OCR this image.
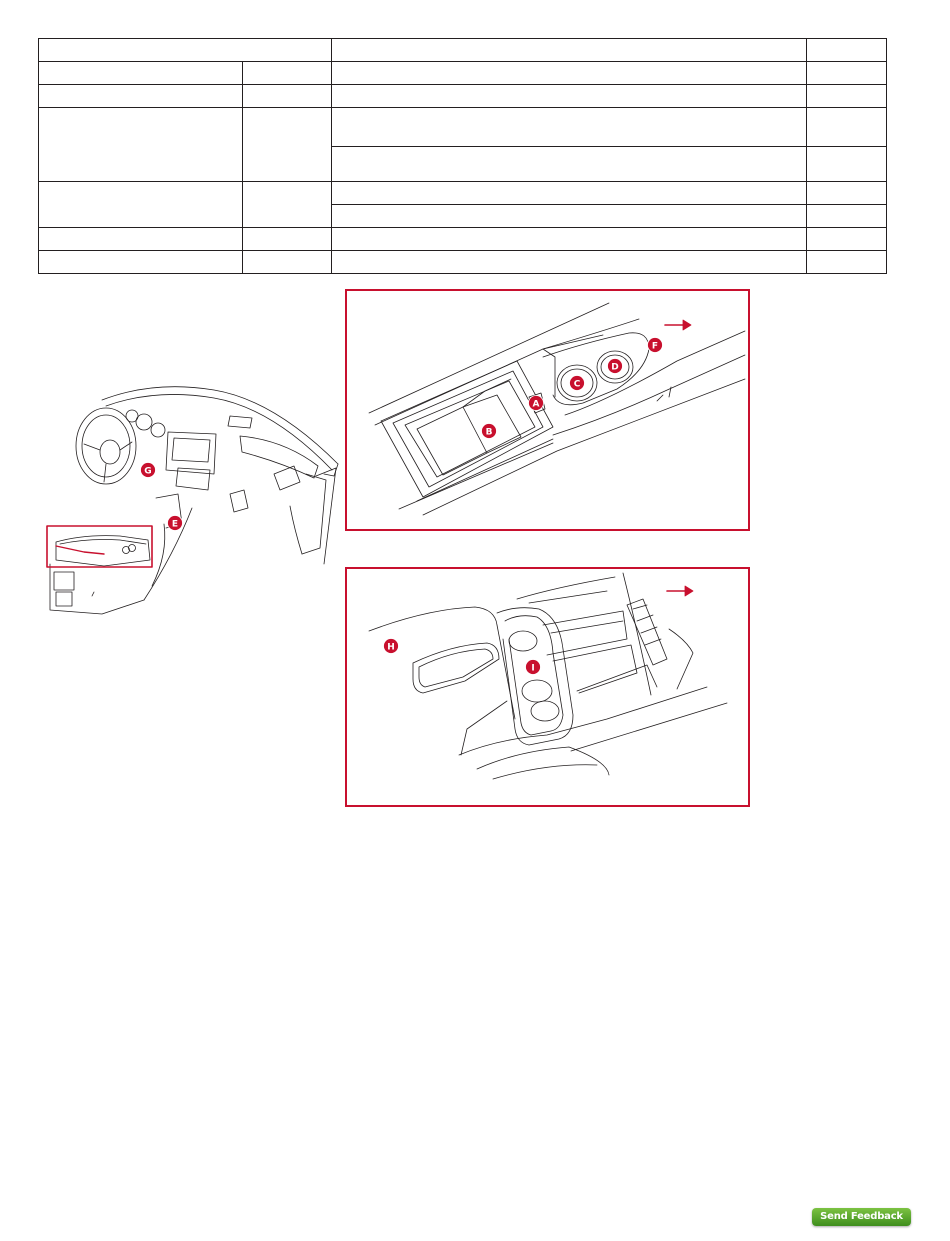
G
E
A
B
C
D
F
H
I
Send Feedback
